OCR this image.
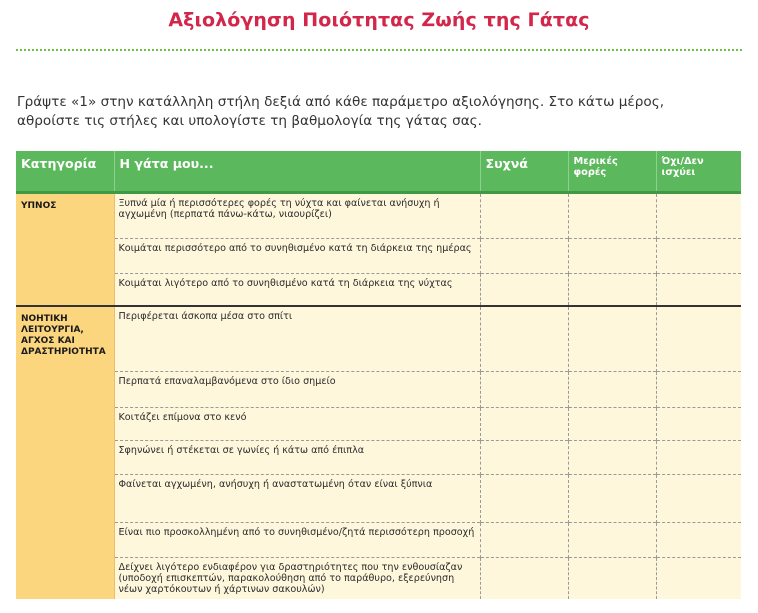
Αξιολόγηση Ποιότητας Ζωής της Γάτας

Γράψτε «1» στην κατάλληλη στήλη δεξιά από κάθε παράμετρο αξιολόγησης. Στο κάτω μέρος,

αθροίστε τις στήλες και υπολογίστε τη βαθμολογία της γάτας σας.

Κατηγορία	Η γάτα μου...	Συχνά	Μερικές φορές	Όχι/Δεν ισχύει
ΥΠΝΟΣ	Ξυπνά μία ή περισσότερες φορές τη νύχτα και φαίνεται ανήσυχη ή αγχωμένη (περπατά πάνω-κάτω, νιαουρίζει)			
	Κοιμάται περισσότερο από το συνηθισμένο κατά τη διάρκεια της ημέρας			
	Κοιμάται λιγότερο από το συνηθισμένο κατά τη διάρκεια της νύχτας			
ΝΟΗΤΙΚΗ ΛΕΙΤΟΥΡΓΙΑ, ΑΓΧΟΣ ΚΑΙ ΔΡΑΣΤΗΡΙΟΤΗΤΑ	Περιφέρεται άσκοπα μέσα στο σπίτι			
	Περπατά επαναλαμβανόμενα στο ίδιο σημείο			
	Κοιτάζει επίμονα στο κενό			
	Σφηνώνει ή στέκεται σε γωνίες ή κάτω από έπιπλα			
	Φαίνεται αγχωμένη, ανήσυχη ή αναστατωμένη όταν είναι ξύπνια			
	Είναι πιο προσκολλημένη από το συνηθισμένο/ζητά περισσότερη προσοχή			
	Δείχνει λιγότερο ενδιαφέρον για δραστηριότητες που την ενθουσίαζαν (υποδοχή επισκεπτών, παρακολούθηση από το παράθυρο, εξερεύνηση νέων χαρτόκουτων ή χάρτινων σακουλών)			
